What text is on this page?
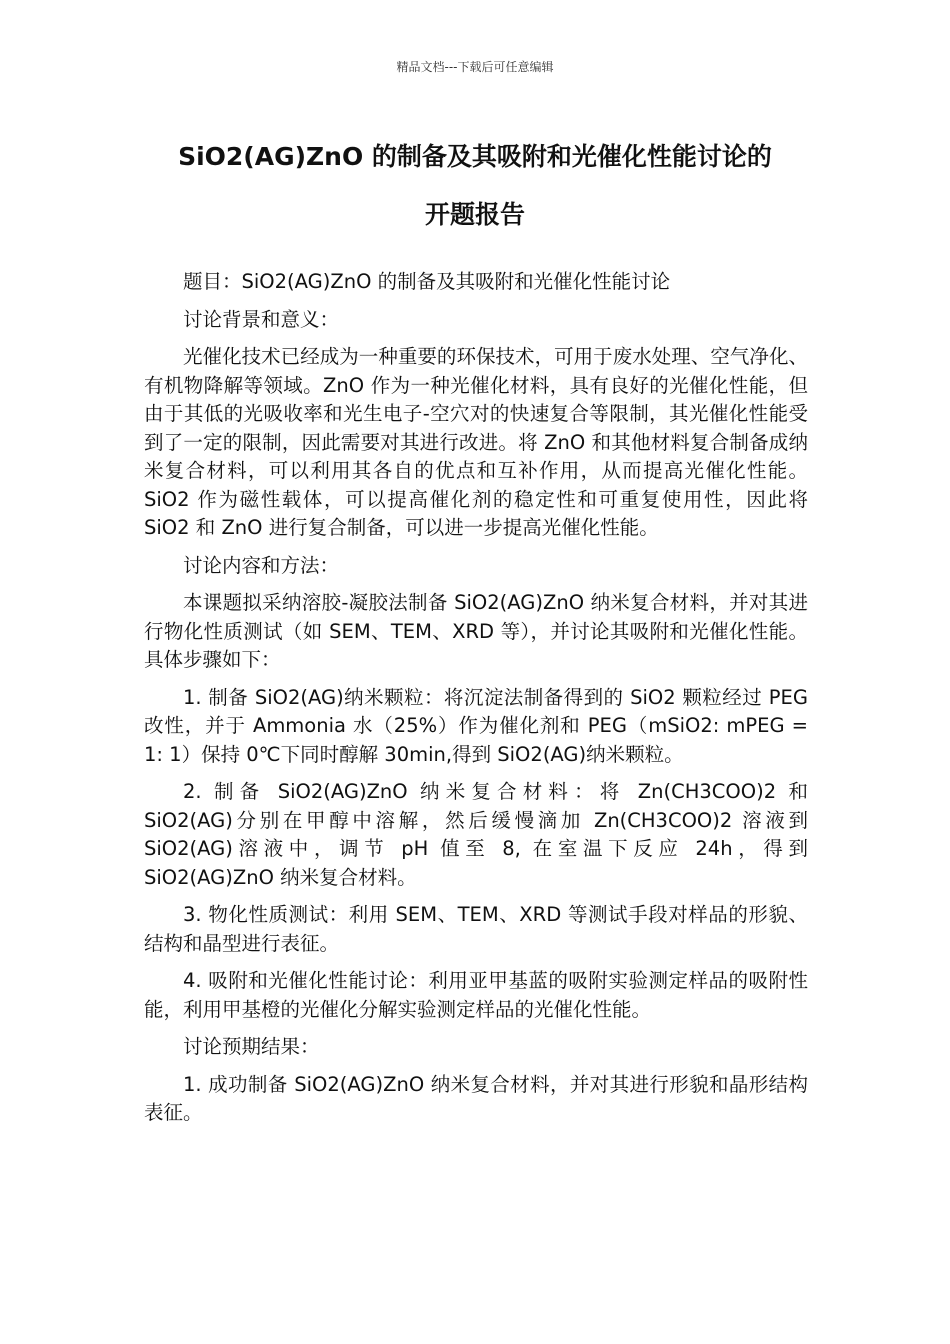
精品文档---下载后可任意编辑
SiO2(AG)ZnO 的制备及其吸附和光催化性能讨论的
开题报告

题目：SiO2(AG)ZnO 的制备及其吸附和光催化性能讨论

讨论背景和意义：

光催化技术已经成为一种重要的环保技术，可用于废水处理、空气净化、有机物降解等领域。ZnO 作为一种光催化材料，具有良好的光催化性能，但由于其低的光吸收率和光生电子-空穴对的快速复合等限制，其光催化性能受到了一定的限制，因此需要对其进行改进。将 ZnO 和其他材料复合制备成纳米复合材料，可以利用其各自的优点和互补作用，从而提高光催化性能。SiO2 作为磁性载体，可以提高催化剂的稳定性和可重复使用性，因此将 SiO2 和 ZnO 进行复合制备，可以进一步提高光催化性能。

讨论内容和方法：

本课题拟采纳溶胶-凝胶法制备 SiO2(AG)ZnO 纳米复合材料，并对其进行物化性质测试（如 SEM、TEM、XRD 等），并讨论其吸附和光催化性能。具体步骤如下：

1. 制备 SiO2(AG)纳米颗粒：将沉淀法制备得到的 SiO2 颗粒经过 PEG 改性，并于 Ammonia 水（25%）作为催化剂和 PEG（mSiO2: mPEG = 1: 1）保持 0℃下同时醇解 30min,得到 SiO2(AG)纳米颗粒。

2. 制备 SiO2(AG)ZnO 纳米复合材料：将 Zn(CH3COO)2 和 SiO2(AG)分别在甲醇中溶解，然后缓慢滴加 Zn(CH3COO)2 溶液到 SiO2(AG)溶液中，调节 pH 值至 8, 在室温下反应 24h，得到 SiO2(AG)ZnO 纳米复合材料。

3. 物化性质测试：利用 SEM、TEM、XRD 等测试手段对样品的形貌、结构和晶型进行表征。

4. 吸附和光催化性能讨论：利用亚甲基蓝的吸附实验测定样品的吸附性能，利用甲基橙的光催化分解实验测定样品的光催化性能。

讨论预期结果：

1. 成功制备 SiO2(AG)ZnO 纳米复合材料，并对其进行形貌和晶形结构表征。
